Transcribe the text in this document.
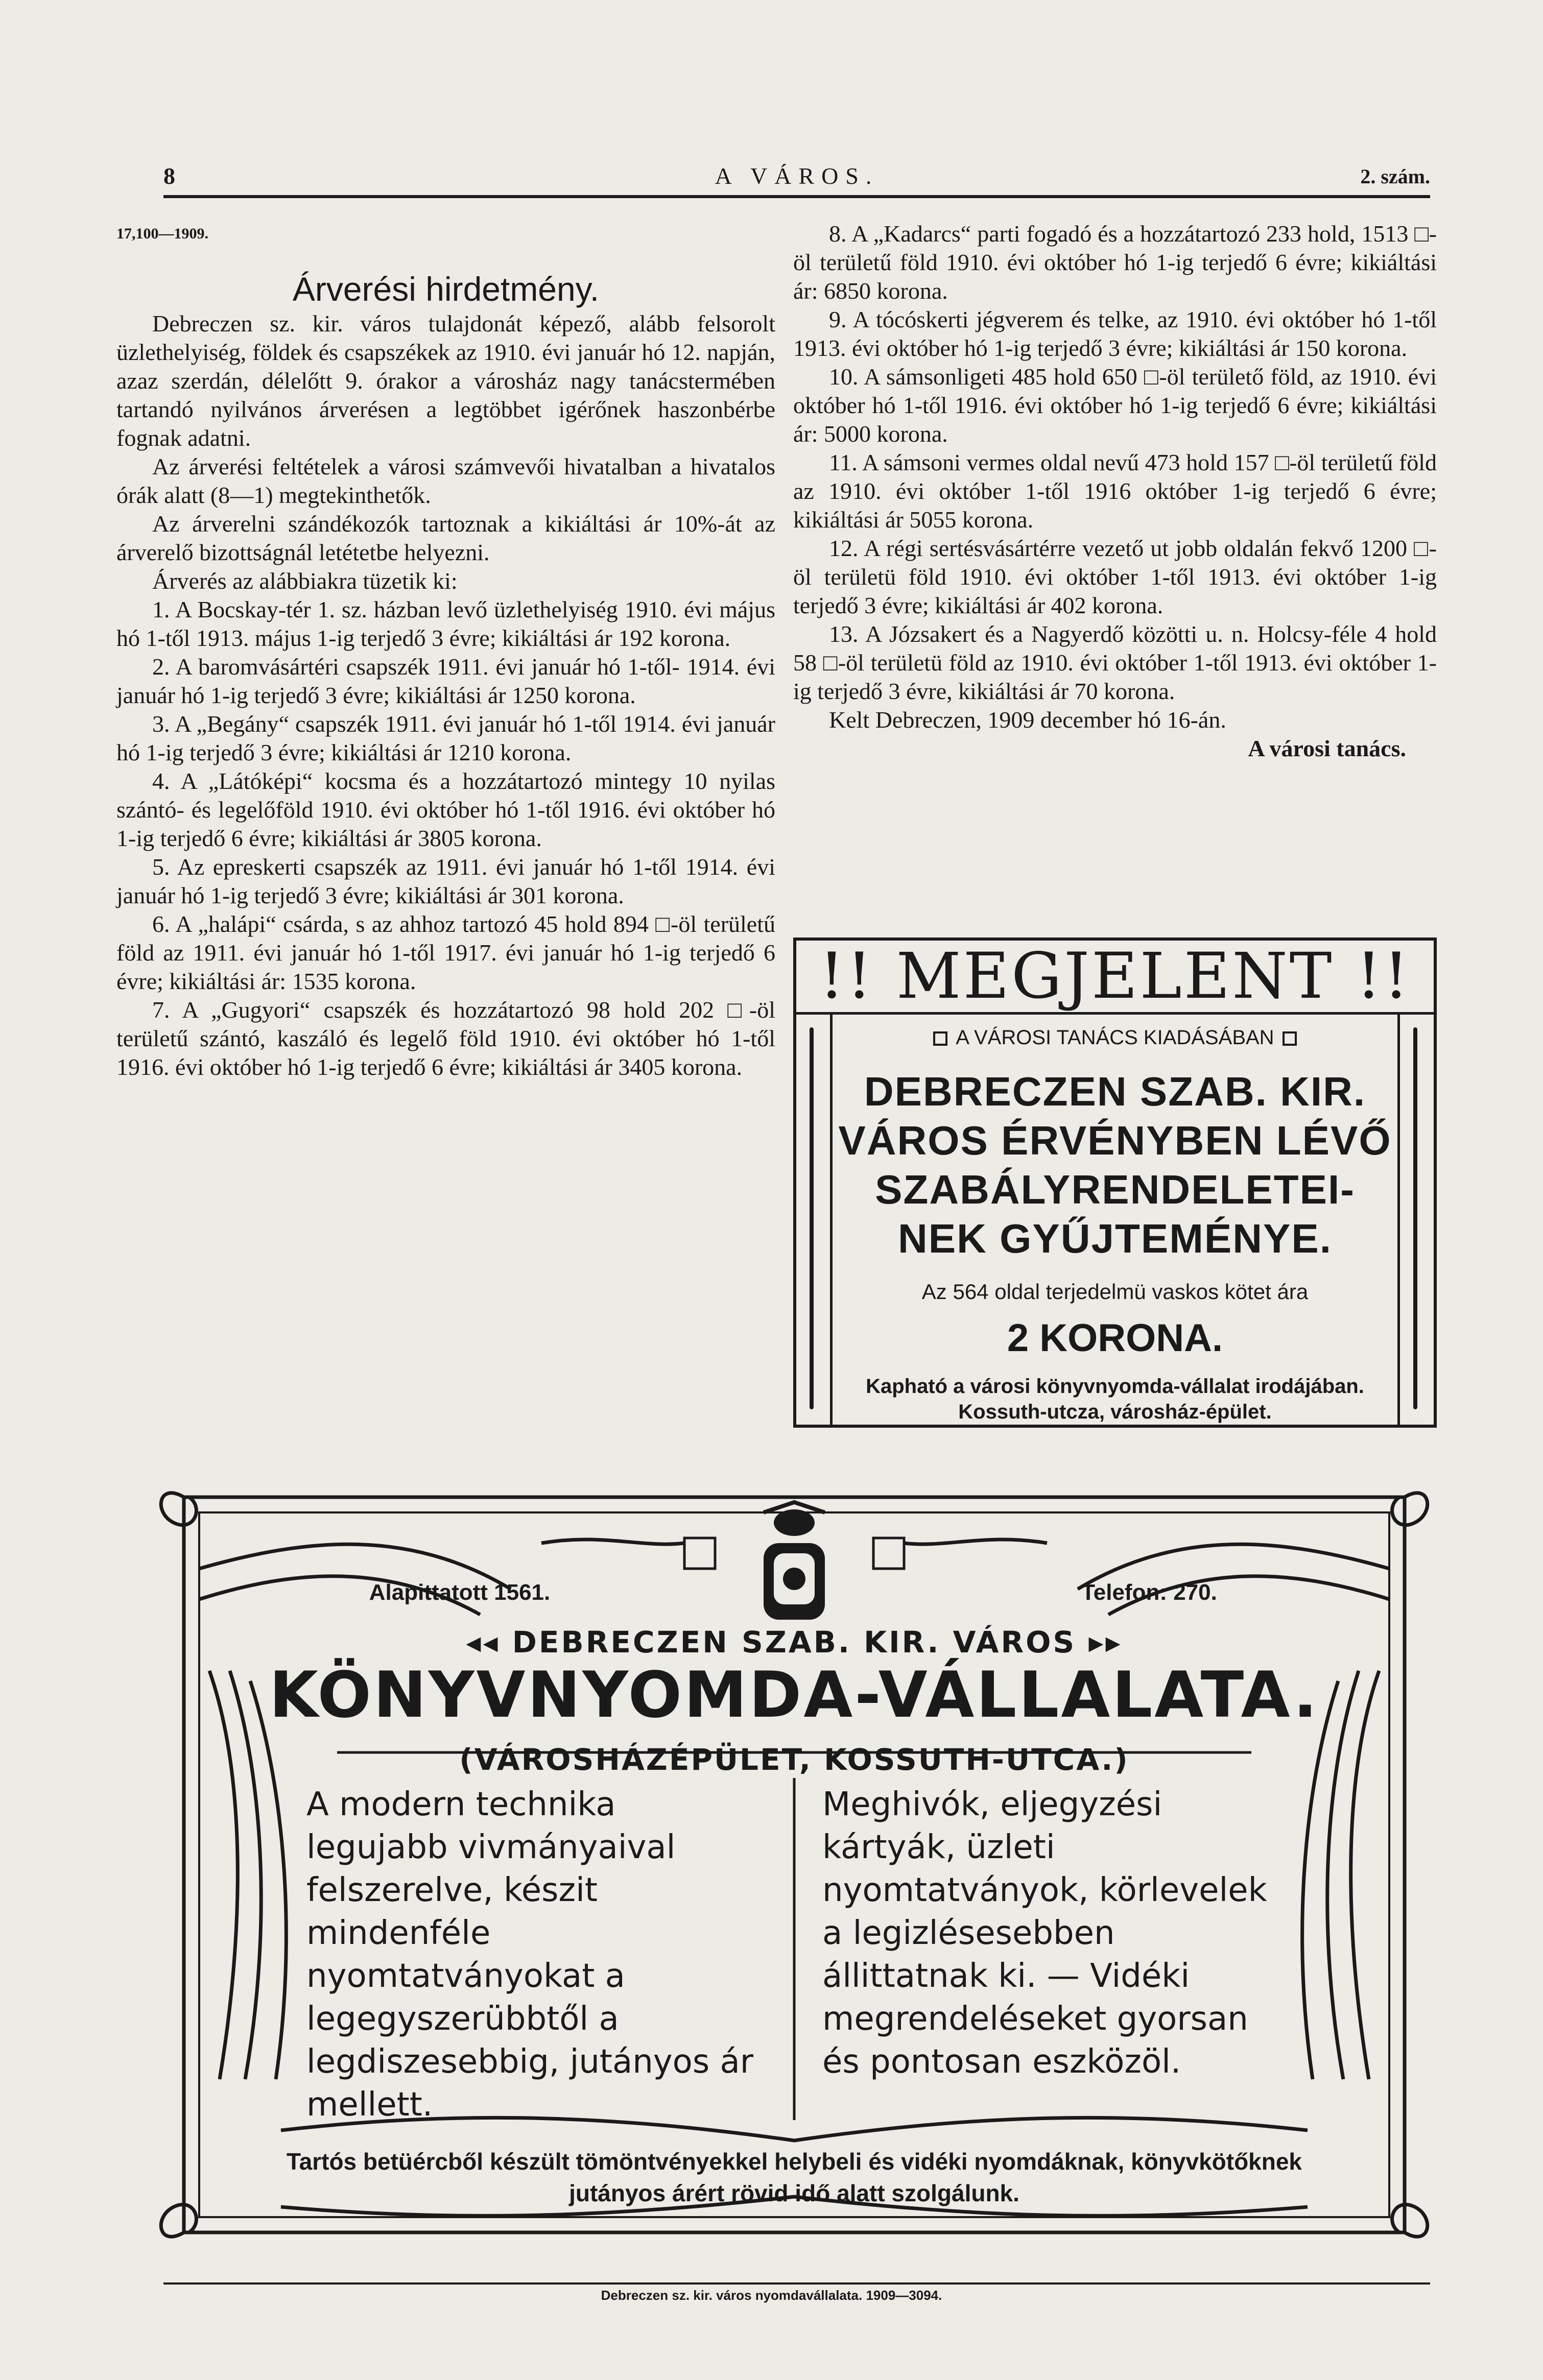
8	A VÁROS.	2. szám.
17,100—1909.

Árverési hirdetmény.

Debreczen sz. kir. város tulajdonát képező, alább felsorolt üzlethelyiség, földek és csapszékek az 1910. évi január hó 12. napján, azaz szerdán, délelőtt 9. órakor a városház nagy tanácstermében tartandó nyilvános árverésen a legtöbbet igérőnek haszonbérbe fognak adatni.

Az árverési feltételek a városi számvevői hivatalban a hivatalos órák alatt (8—1) megtekinthetők.

Az árverelni szándékozók tartoznak a kikiáltási ár 10%-át az árverelő bizottságnál letétetbe helyezni.

Árverés az alábbiakra tüzetik ki:

1. A Bocskay-tér 1. sz. házban levő üzlethelyiség 1910. évi május hó 1-től 1913. május 1-ig terjedő 3 évre; kikiáltási ár 192 korona.

2. A baromvásártéri csapszék 1911. évi január hó 1-től- 1914. évi január hó 1-ig terjedő 3 évre; kikiáltási ár 1250 korona.

3. A „Begány“ csapszék 1911. évi január hó 1-től 1914. évi január hó 1-ig terjedő 3 évre; kikiáltási ár 1210 korona.

4. A „Látóképi“ kocsma és a hozzátartozó mintegy 10 nyilas szántó- és legelőföld 1910. évi október hó 1-től 1916. évi október hó 1-ig terjedő 6 évre; kikiáltási ár 3805 korona.

5. Az epreskerti csapszék az 1911. évi január hó 1-től 1914. évi január hó 1-ig terjedő 3 évre; kikiáltási ár 301 korona.

6. A „halápi“ csárda, s az ahhoz tartozó 45 hold 894 □-öl területű föld az 1911. évi január hó 1-től 1917. évi január hó 1-ig terjedő 6 évre; kikiáltási ár: 1535 korona.

7. A „Gugyori“ csapszék és hozzátartozó 98 hold 202 □-öl területű szántó, kaszáló és legelő föld 1910. évi október hó 1-től 1916. évi október hó 1-ig terjedő 6 évre; kikiáltási ár 3405 korona.

8. A „Kadarcs“ parti fogadó és a hozzátartozó 233 hold, 1513 □-öl területű föld 1910. évi október hó 1-ig terjedő 6 évre; kikiáltási ár: 6850 korona.

9. A tócóskerti jégverem és telke, az 1910. évi október hó 1-től 1913. évi október hó 1-ig terjedő 3 évre; kikiáltási ár 150 korona.

10. A sámsonligeti 485 hold 650 □-öl területő föld, az 1910. évi október hó 1-től 1916. évi október hó 1-ig terjedő 6 évre; kikiáltási ár: 5000 korona.

11. A sámsoni vermes oldal nevű 473 hold 157 □-öl területű föld az 1910. évi október 1-től 1916 október 1-ig terjedő 6 évre; kikiáltási ár 5055 korona.

12. A régi sertésvásártérre vezető ut jobb oldalán fekvő 1200 □-öl területü föld 1910. évi október 1-től 1913. évi október 1-ig terjedő 3 évre; kikiáltási ár 402 korona.

13. A Józsakert és a Nagyerdő közötti u. n. Holcsy-féle 4 hold 58 □-öl területü föld az 1910. évi október 1-től 1913. évi október 1-ig terjedő 3 évre, kikiáltási ár 70 korona.

Kelt Debreczen, 1909 december hó 16-án.

A városi tanács.

!! MEGJELENT !!
A VÁROSI TANÁCS KIADÁSÁBAN
DEBRECZEN SZAB. KIR. VÁROS ÉRVÉNYBEN LÉVŐ SZABÁLYRENDELETEI-NEK GYŰJTEMÉNYE.
Az 564 oldal terjedelmü vaskos kötet ára
2 KORONA.
Kapható a városi könyvnyomda-vállalat irodájában. Kossuth-utcza, városház-épület.
Alapittatott 1561.	Telefon: 270.
◂◂ DEBRECZEN SZAB. KIR. VÁROS ▸▸
KÖNYVNYOMDA-VÁLLALATA.
(VÁROSHÁZÉPÜLET, KOSSUTH-UTCA.)
A modern technika legujabb vivmányaival felszerelve, készit mindenféle nyomtatványokat a legegyszerübbtől a legdiszesebbig, jutányos ár mellett.
Meghivók, eljegyzési kártyák, üzleti nyomtatványok, körlevelek a legizlésesebben állittatnak ki. — Vidéki megrendeléseket gyorsan és pontosan eszközöl.
Tartós betüércből készült tömöntvényekkel helybeli és vidéki nyomdáknak, könyvkötőknek jutányos árért rövid idő alatt szolgálunk.
Debreczen sz. kir. város nyomdavállalata. 1909—3094.
